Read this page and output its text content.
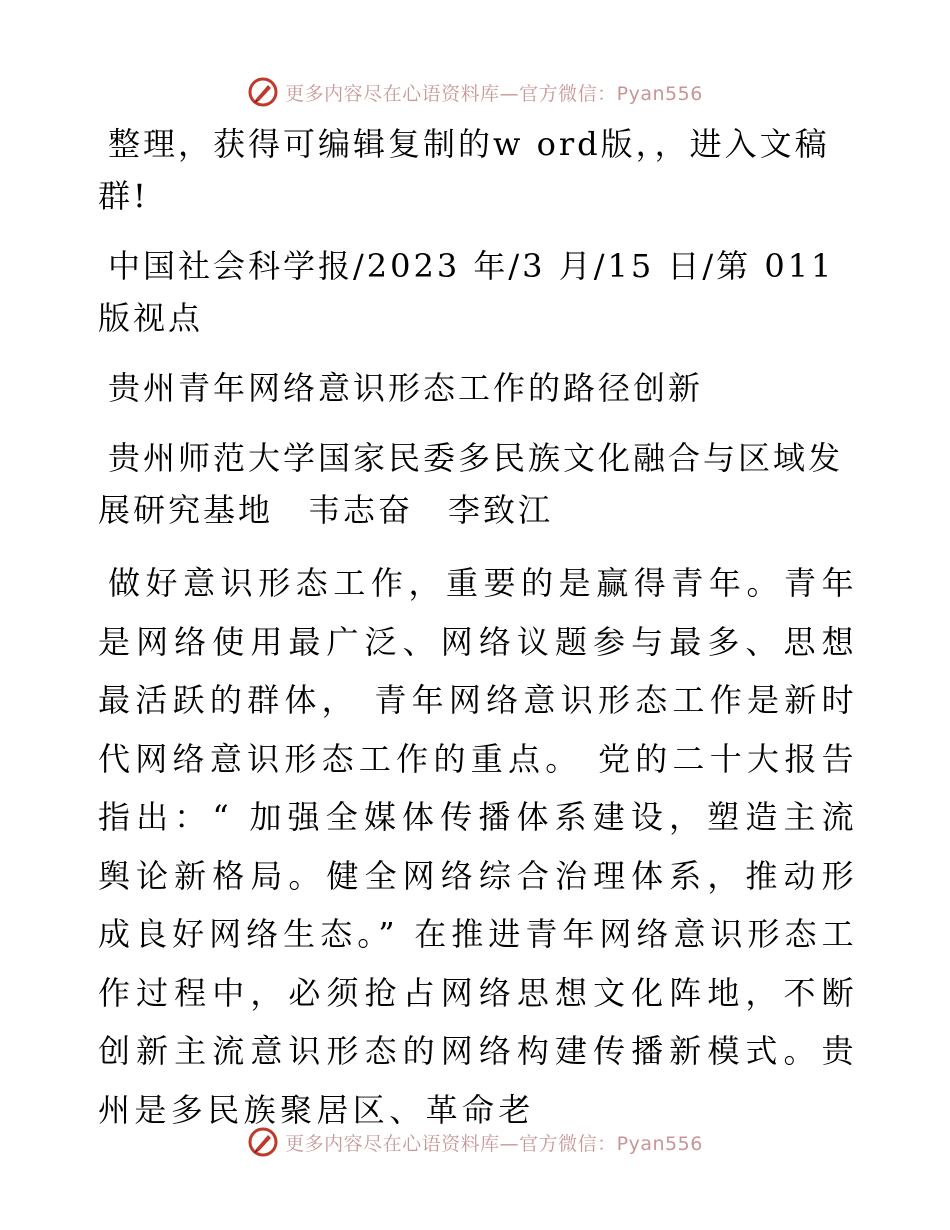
更多内容尽在心语资料库—官方微信：Pyan556

整理，获得可编辑复制的w ord版，，进入文稿群!

中国社会科学报/2023 年/3 月/15 日/第 011 版视点

贵州青年网络意识形态工作的路径创新

贵州师范大学国家民委多民族文化融合与区域发展研究基地　韦志奋　李致江

做好意识形态工作，重要的是赢得青年。青年是网络使用最广泛、网络议题参与最多、思想最活跃的群体， 青年网络意识形态工作是新时代网络意识形态工作的重点。 党的二十大报告指出：“ 加强全媒体传播体系建设，塑造主流舆论新格局。健全网络综合治理体系，推动形成良好网络生态。” 在推进青年网络意识形态工作过程中，必须抢占网络思想文化阵地，不断创新主流意识形态的网络构建传播新模式。贵州是多民族聚居区、革命老

更多内容尽在心语资料库—官方微信：Pyan556
